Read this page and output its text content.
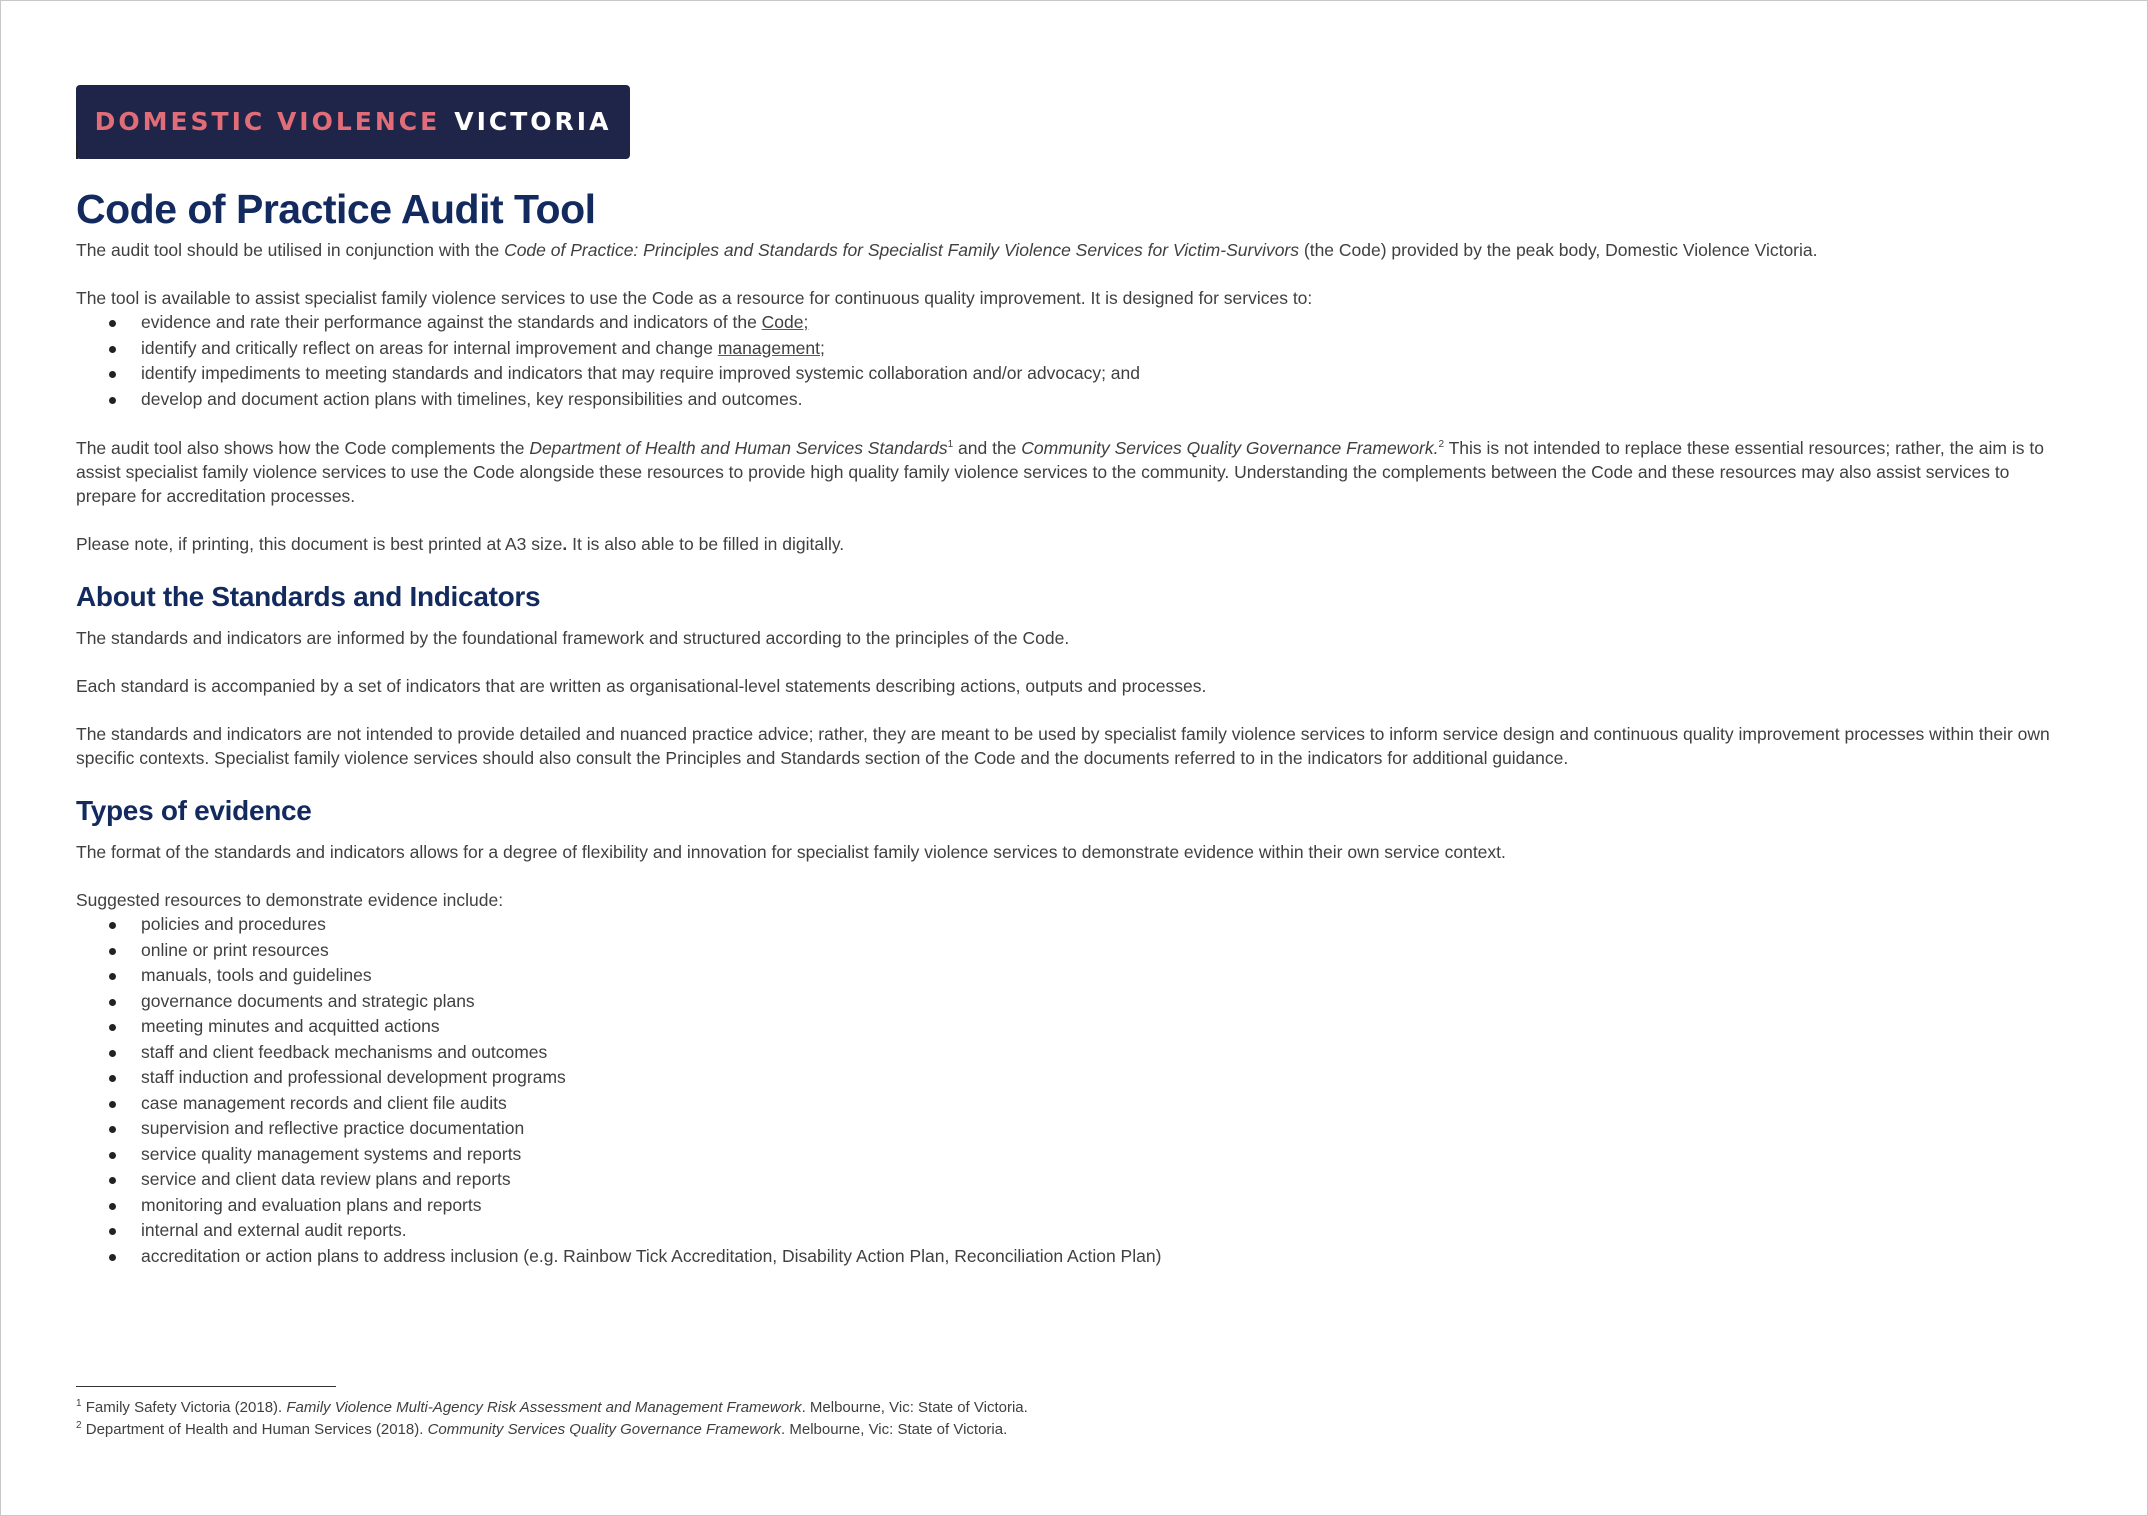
DOMESTIC VIOLENCE VICTORIA
Code of Practice Audit Tool

The audit tool should be utilised in conjunction with the Code of Practice: Principles and Standards for Specialist Family Violence Services for Victim-Survivors (the Code) provided by the peak body, Domestic Violence Victoria.

The tool is available to assist specialist family violence services to use the Code as a resource for continuous quality improvement. It is designed for services to:

evidence and rate their performance against the standards and indicators of the Code;
identify and critically reflect on areas for internal improvement and change management;
identify impediments to meeting standards and indicators that may require improved systemic collaboration and/or advocacy; and
develop and document action plans with timelines, key responsibilities and outcomes.

The audit tool also shows how the Code complements the Department of Health and Human Services Standards$^1$ and the Community Services Quality Governance Framework.$^2$ This is not intended to replace these essential resources; rather, the aim is to assist specialist family violence services to use the Code alongside these resources to provide high quality family violence services to the community. Understanding the complements between the Code and these resources may also assist services to prepare for accreditation processes.

Please note, if printing, this document is best printed at A3 size. It is also able to be filled in digitally.

About the Standards and Indicators

The standards and indicators are informed by the foundational framework and structured according to the principles of the Code.

Each standard is accompanied by a set of indicators that are written as organisational-level statements describing actions, outputs and processes.

The standards and indicators are not intended to provide detailed and nuanced practice advice; rather, they are meant to be used by specialist family violence services to inform service design and continuous quality improvement processes within their own specific contexts. Specialist family violence services should also consult the Principles and Standards section of the Code and the documents referred to in the indicators for additional guidance.

Types of evidence

The format of the standards and indicators allows for a degree of flexibility and innovation for specialist family violence services to demonstrate evidence within their own service context.

Suggested resources to demonstrate evidence include:

policies and procedures
online or print resources
manuals, tools and guidelines
governance documents and strategic plans
meeting minutes and acquitted actions
staff and client feedback mechanisms and outcomes
staff induction and professional development programs
case management records and client file audits
supervision and reflective practice documentation
service quality management systems and reports
service and client data review plans and reports
monitoring and evaluation plans and reports
internal and external audit reports.
accreditation or action plans to address inclusion (e.g. Rainbow Tick Accreditation, Disability Action Plan, Reconciliation Action Plan)
$^1$ Family Safety Victoria (2018). Family Violence Multi-Agency Risk Assessment and Management Framework. Melbourne, Vic: State of Victoria.
$^2$ Department of Health and Human Services (2018). Community Services Quality Governance Framework. Melbourne, Vic: State of Victoria.
